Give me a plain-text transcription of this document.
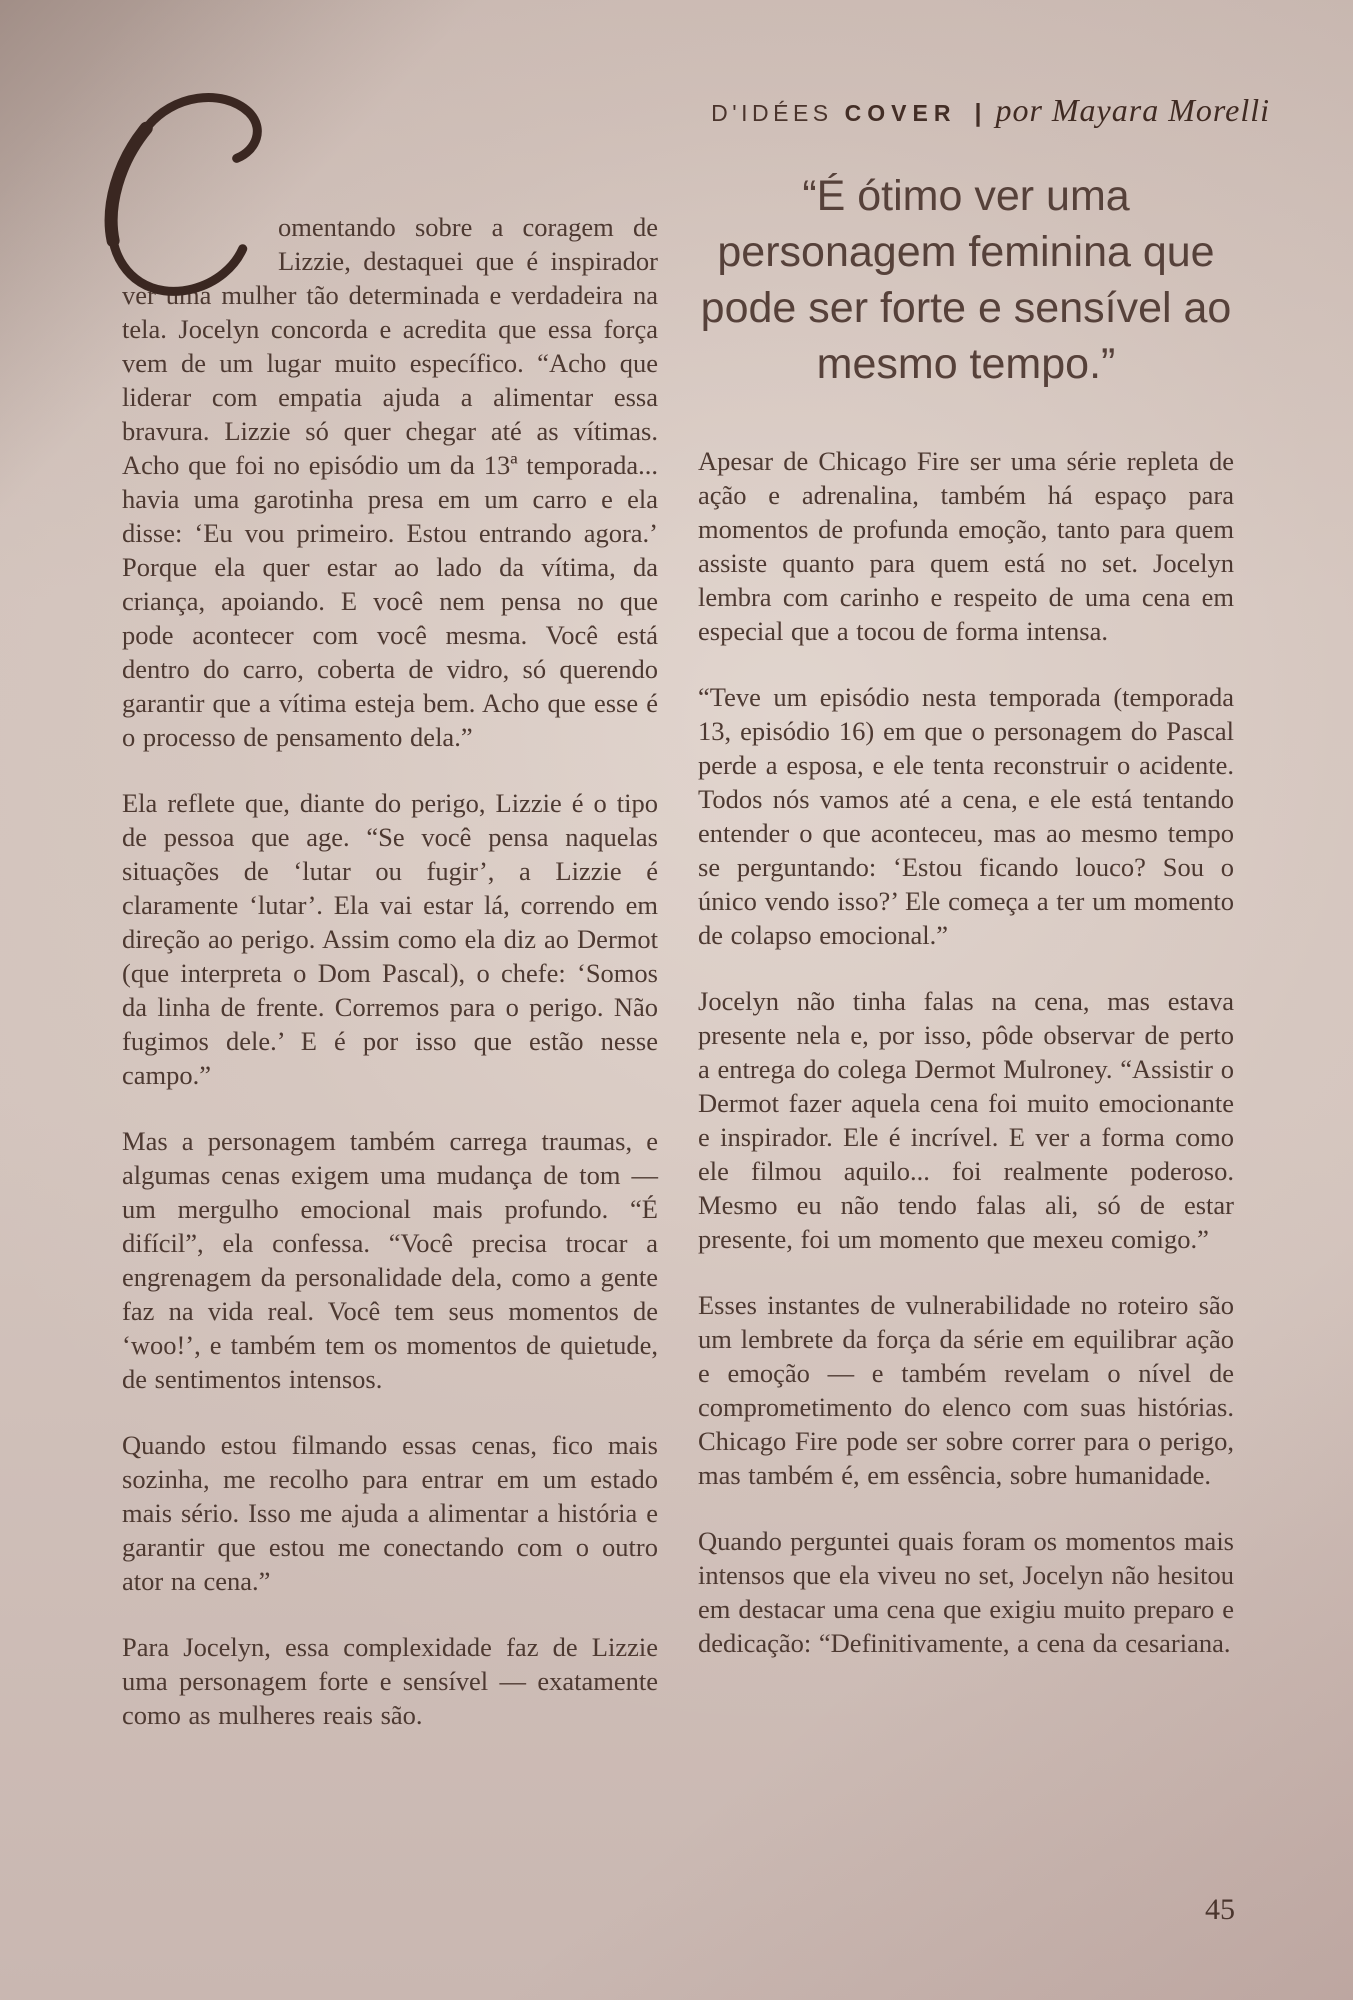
D'IDÉES COVER | por Mayara Morelli

omentando sobre a coragem de Lizzie, destaquei que é inspirador ver uma mulher tão determinada e verdadeira na tela. Jocelyn concorda e acredita que essa força vem de um lugar muito específico. “Acho que liderar com empatia ajuda a alimentar essa bravura. Lizzie só quer chegar até as vítimas. Acho que foi no episódio um da 13ª temporada... havia uma garotinha presa em um carro e ela disse: ‘Eu vou primeiro. Estou entrando agora.’ Porque ela quer estar ao lado da vítima, da criança, apoiando. E você nem pensa no que pode acontecer com você mesma. Você está dentro do carro, coberta de vidro, só querendo garantir que a vítima esteja bem. Acho que esse é o processo de pensamento dela.”

Ela reflete que, diante do perigo, Lizzie é o tipo de pessoa que age. “Se você pensa naquelas situações de ‘lutar ou fugir’, a Lizzie é claramente ‘lutar’. Ela vai estar lá, correndo em direção ao perigo. Assim como ela diz ao Dermot (que interpreta o Dom Pascal), o chefe: ‘Somos da linha de frente. Corremos para o perigo. Não fugimos dele.’ E é por isso que estão nesse campo.”

Mas a personagem também carrega traumas, e algumas cenas exigem uma mudança de tom — um mergulho emocional mais profundo. “É difícil”, ela confessa. “Você precisa trocar a engrenagem da personalidade dela, como a gente faz na vida real. Você tem seus momentos de ‘woo!’, e também tem os momentos de quietude, de sentimentos intensos.

Quando estou filmando essas cenas, fico mais sozinha, me recolho para entrar em um estado mais sério. Isso me ajuda a alimentar a história e garantir que estou me conectando com o outro ator na cena.”

Para Jocelyn, essa complexidade faz de Lizzie uma personagem forte e sensível — exatamente como as mulheres reais são.

“É ótimo ver uma personagem feminina que pode ser forte e sensível ao mesmo tempo.”

Apesar de Chicago Fire ser uma série repleta de ação e adrenalina, também há espaço para momentos de profunda emoção, tanto para quem assiste quanto para quem está no set. Jocelyn lembra com carinho e respeito de uma cena em especial que a tocou de forma intensa.

“Teve um episódio nesta temporada (temporada 13, episódio 16) em que o personagem do Pascal perde a esposa, e ele tenta reconstruir o acidente. Todos nós vamos até a cena, e ele está tentando entender o que aconteceu, mas ao mesmo tempo se perguntando: ‘Estou ficando louco? Sou o único vendo isso?’ Ele começa a ter um momento de colapso emocional.”

Jocelyn não tinha falas na cena, mas estava presente nela e, por isso, pôde observar de perto a entrega do colega Dermot Mulroney. “Assistir o Dermot fazer aquela cena foi muito emocionante e inspirador. Ele é incrível. E ver a forma como ele filmou aquilo... foi realmente poderoso. Mesmo eu não tendo falas ali, só de estar presente, foi um momento que mexeu comigo.”

Esses instantes de vulnerabilidade no roteiro são um lembrete da força da série em equilibrar ação e emoção — e também revelam o nível de comprometimento do elenco com suas histórias. Chicago Fire pode ser sobre correr para o perigo, mas também é, em essência, sobre humanidade.

Quando perguntei quais foram os momentos mais intensos que ela viveu no set, Jocelyn não hesitou em destacar uma cena que exigiu muito preparo e dedicação: “Definitivamente, a cena da cesariana.

45
